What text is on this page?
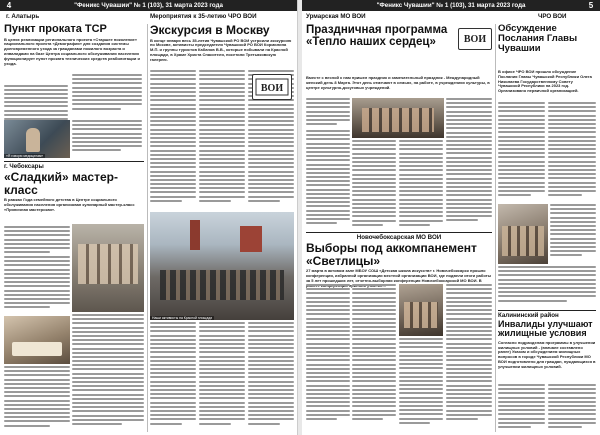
4	"Феникс Чувашии" № 1 (103), 31 марта 2023 года
г. Алатырь	Мероприятия к 35-летию ЧРО ВОИ
Пункт проката ТСР
В целях реализации регионального проекта «Старшее поколение» национального проекта «Демография» для создания системы долговременного ухода за гражданами пожилого возраста и инвалидами на базе Центра социального обслуживания населения функционирует пункт проката технических средств реабилитации и ухода.
«Я говорю медицинам»
г. Чебоксары
«Сладкий» мастер-класс
В рамках Года семейного детства в Центре социального обслуживания населения организован кулинарный мастер-класс «Пряничная мастерская».
Экскурсия в Москву
В конце января весь 35-летия Чувашской РО ВОИ устроили экскурсию по Москве, активисты председателя Чувашской РО ВОИ Кормилина М.П. и группы туристов Кабанов В.В., которые побывали на Красной площади, в Храме Христа Спасителя, посетили Третьяковскую галерею.
ВОИ
Наши активисты на Красной площади
"Феникс Чувашии" № 1 (103), 31 марта 2023 года	5
Урмарская МО ВОИ	ЧРО ВОИ
Праздничная программа «Тепло наших сердец»	ВОИ
Вместе с весной к нам пришел праздник и замечательный праздник - Международный женский день 8 Марта. Этот день отмечают в семьях, на работе, в учреждениях культуры, в центре культурно-досуговых учреждений.
Новочебоксарская МО ВОИ
Выборы под аккомпанемент «Светлицы»
27 марта в актовом зале МБОУ СОШ «Детская школа искусств» г. Новочебоксарск прошло конференция, избранной организации местной организации ВОИ, где подвели итоги работы за 5 лет прошедших лет, отчетно-выборная конференция Новочебоксарской МО ВОИ. В
Обсуждение Послания Главы Чувашии
В офисе ЧРО ВОИ прошло обсуждение Послания Главы Чувашской Республики Олега Николаева Государственному Совету Чувашской Республики на 2023 год. Организовано первичной организацией.
Калининский район
Инвалиды улучшают жилищные условия
Согласно подразделам программы в улучшении жилищных условий - (вначале составлено ранее) Указом и обсуждением жилищных вопросов в городе Чувашской Республики МО ВОИ подготовлено для граждан, нуждающихся в улучшении жилищных условий.
